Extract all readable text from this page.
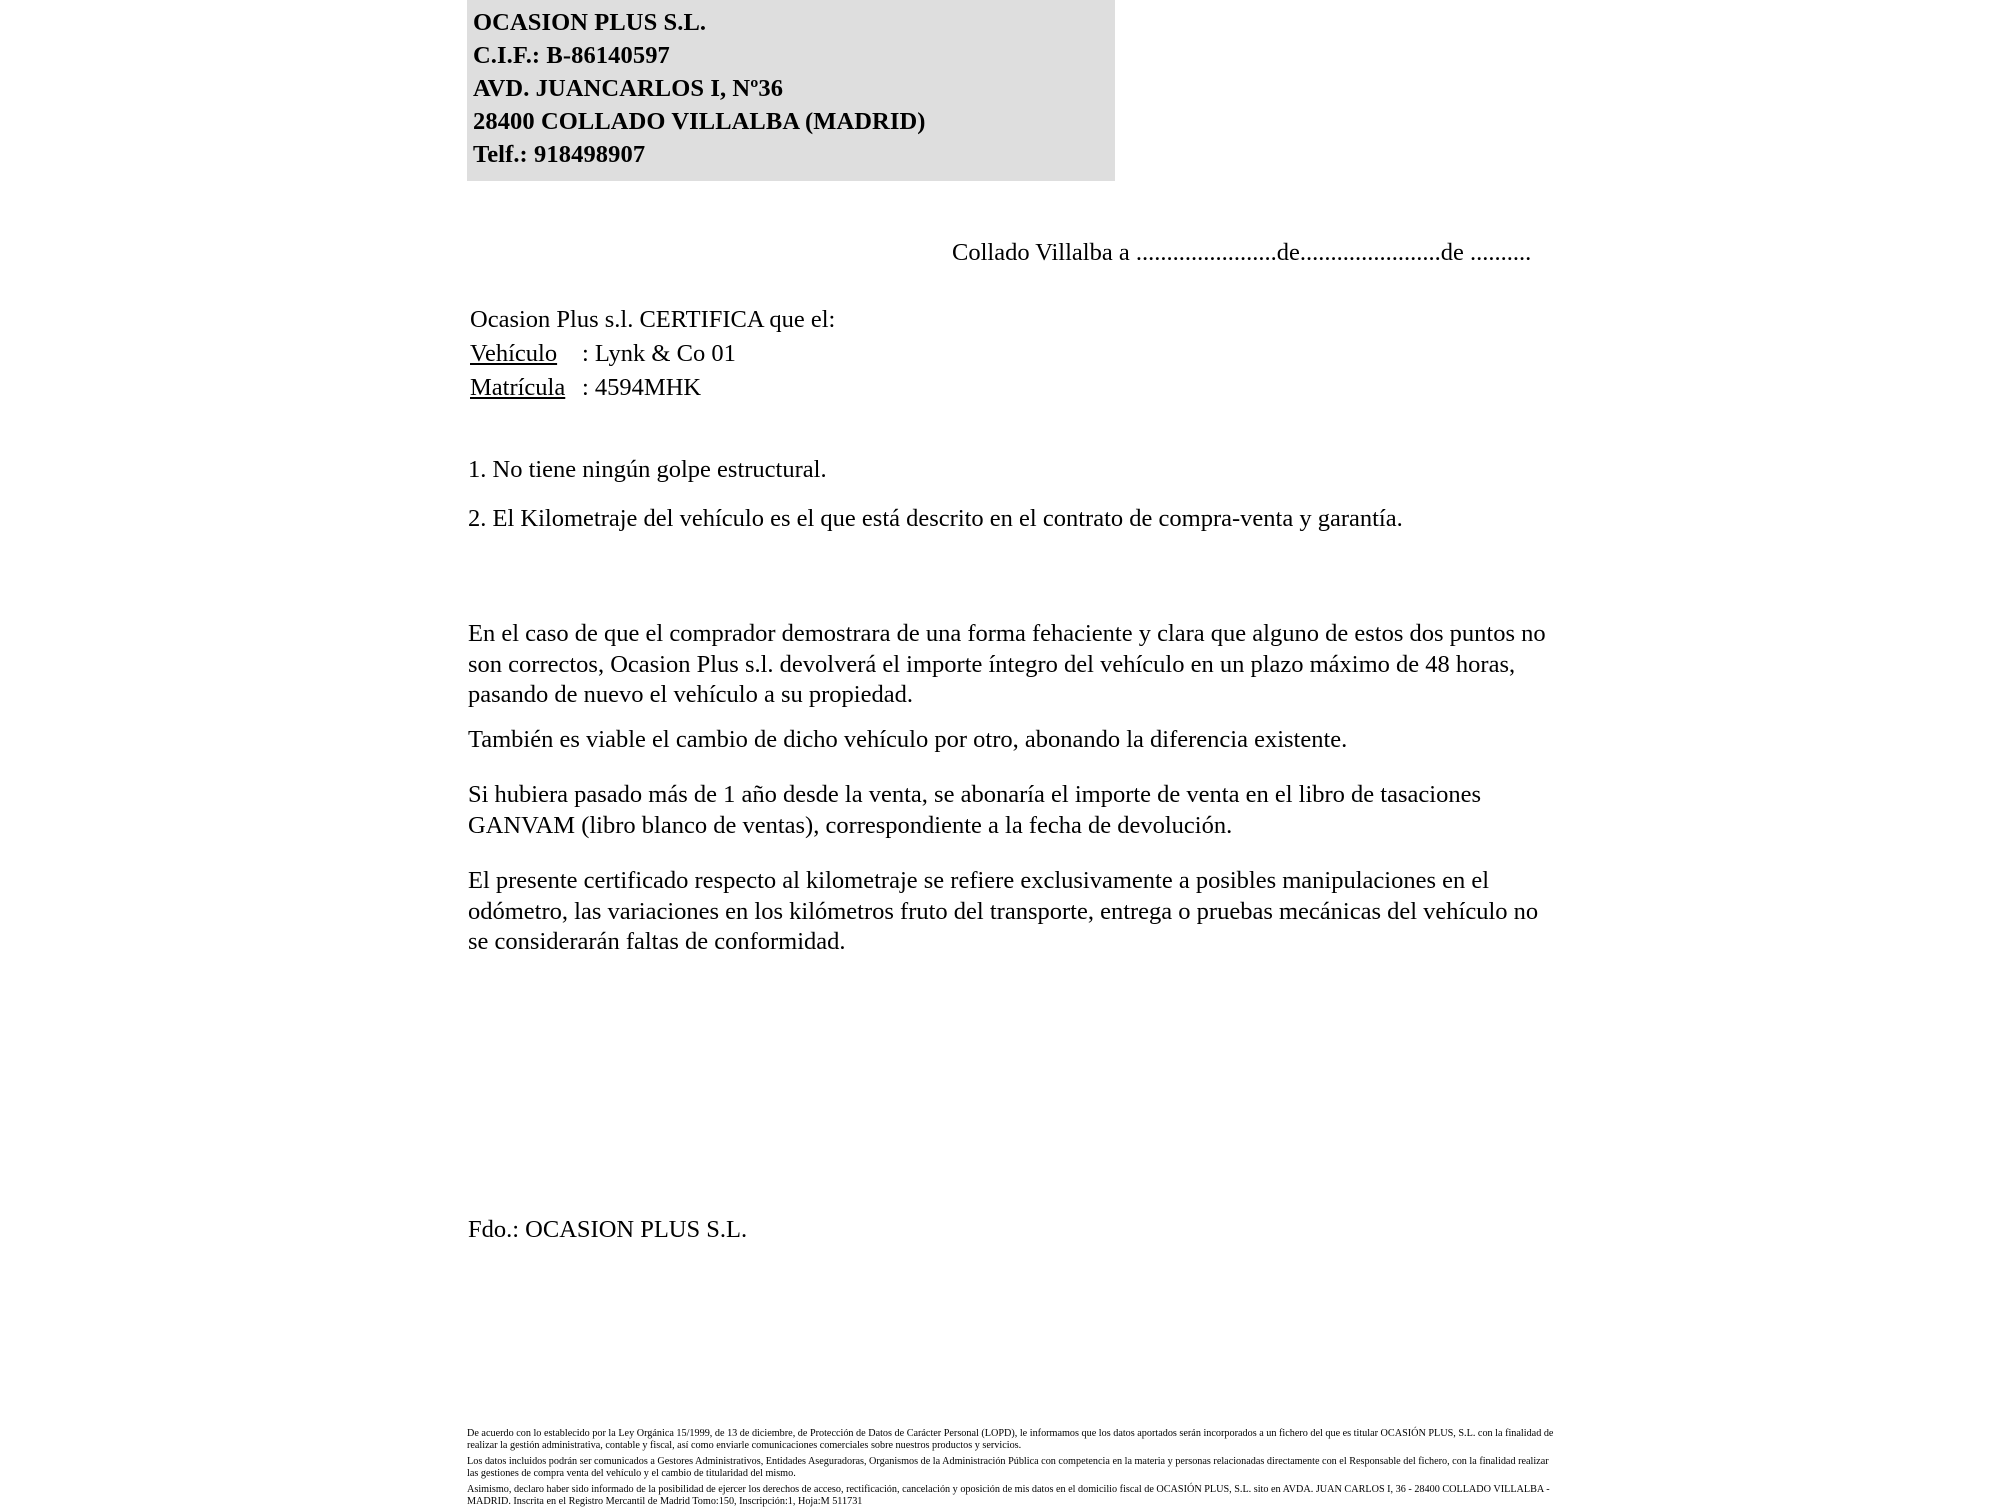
OCASION PLUS S.L.
C.I.F.: B-86140597
AVD. JUANCARLOS I, Nº36
28400 COLLADO VILLALBA (MADRID)
Telf.: 918498907
Collado Villalba a .......................de.......................de ..........
Ocasion Plus s.l. CERTIFICA que el:
Vehículo : Lynk & Co 01
Matrícula : 4594MHK
1. No tiene ningún golpe estructural.
2. El Kilometraje del vehículo es el que está descrito en el contrato de compra-venta y garantía.
En el caso de que el comprador demostrara de una forma fehaciente y clara que alguno de estos dos puntos no son correctos, Ocasion Plus s.l. devolverá el importe íntegro del vehículo en un plazo máximo de 48 horas, pasando de nuevo el vehículo a su propiedad.
También es viable el cambio de dicho vehículo por otro, abonando la diferencia existente.
Si hubiera pasado más de 1 año desde la venta, se abonaría el importe de venta en el libro de tasaciones GANVAM (libro blanco de ventas), correspondiente a la fecha de devolución.
El presente certificado respecto al kilometraje se refiere exclusivamente a posibles manipulaciones en el odómetro, las variaciones en los kilómetros fruto del transporte, entrega o pruebas mecánicas del vehículo no se considerarán faltas de conformidad.
Fdo.: OCASION PLUS S.L.

De acuerdo con lo establecido por la Ley Orgánica 15/1999, de 13 de diciembre, de Protección de Datos de Carácter Personal (LOPD), le informamos que los datos aportados serán incorporados a un fichero del que es titular OCASIÓN PLUS, S.L. con la finalidad de realizar la gestión administrativa, contable y fiscal, así como enviarle comunicaciones comerciales sobre nuestros productos y servicios.

Los datos incluidos podrán ser comunicados a Gestores Administrativos, Entidades Aseguradoras, Organismos de la Administración Pública con competencia en la materia y personas relacionadas directamente con el Responsable del fichero, con la finalidad realizar las gestiones de compra venta del vehículo y el cambio de titularidad del mismo.

Asimismo, declaro haber sido informado de la posibilidad de ejercer los derechos de acceso, rectificación, cancelación y oposición de mis datos en el domicilio fiscal de OCASIÓN PLUS, S.L. sito en AVDA. JUAN CARLOS I, 36 - 28400 COLLADO VILLALBA - MADRID. Inscrita en el Registro Mercantil de Madrid Tomo:150, Inscripción:1, Hoja:M 511731
